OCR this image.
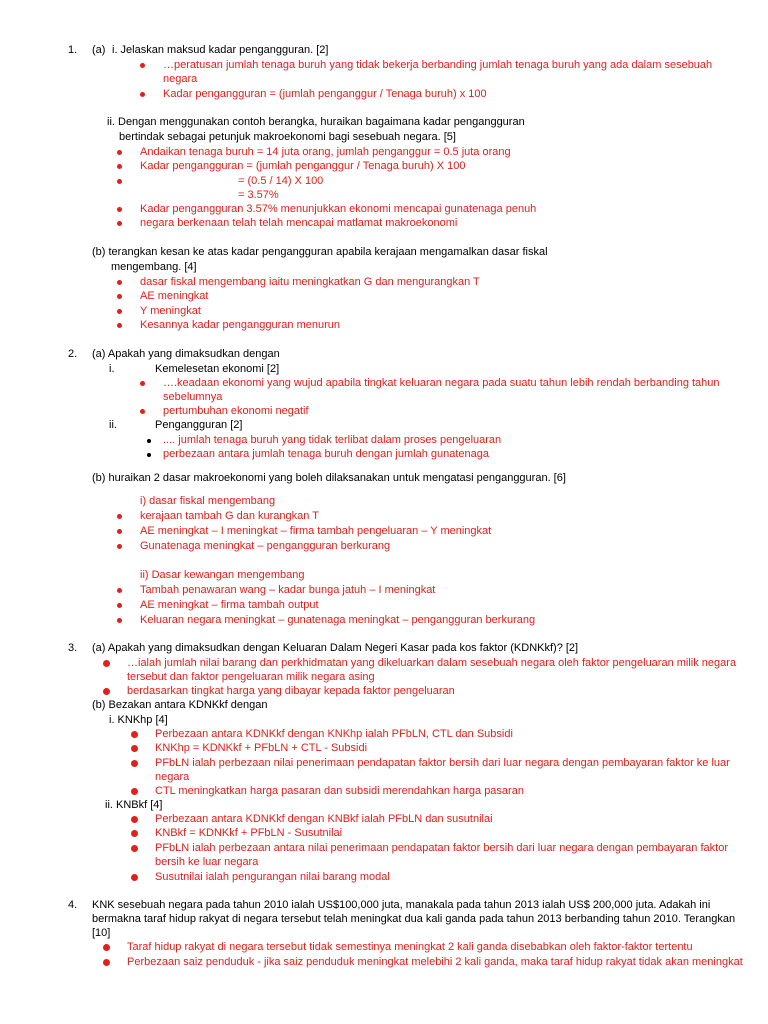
1. (a) i. Jelaskan maksud kadar pengangguran. [2]
…peratusan jumlah tenaga buruh yang tidak bekerja berbanding jumlah tenaga buruh yang ada dalam sesebuah
negara
Kadar pengangguran = (jumlah penganggur / Tenaga buruh) x 100
ii. Dengan menggunakan contoh berangka, huraikan bagaimana kadar pengangguran
bertindak sebagai petunjuk makroekonomi bagi sesebuah negara. [5]
Andaikan tenaga buruh = 14 juta orang, jumlah penganggur = 0.5 juta orang
Kadar pengangguran = (jumlah penganggur / Tenaga buruh) X 100
= (0.5 / 14) X 100
= 3.57%
Kadar pengangguran 3.57% menunjukkan ekonomi mencapai gunatenaga penuh
negara berkenaan telah telah mencapai matlamat makroekonomi
(b) terangkan kesan ke atas kadar pengangguran apabila kerajaan mengamalkan dasar fiskal
mengembang. [4]
dasar fiskal mengembang iaitu meningkatkan G dan mengurangkan T
AE meningkat
Y meningkat
Kesannya kadar pengangguran menurun
2. (a) Apakah yang dimaksudkan dengan
i.	Kemelesetan ekonomi [2]
….keadaan ekonomi yang wujud apabila tingkat keluaran negara pada suatu tahun lebih rendah berbanding tahun
sebelumnya
pertumbuhan ekonomi negatif
ii.	Pengangguran [2]
.... jumlah tenaga buruh yang tidak terlibat dalam proses pengeluaran
perbezaan antara jumlah tenaga buruh dengan jumlah gunatenaga
(b) huraikan 2 dasar makroekonomi yang boleh dilaksanakan untuk mengatasi pengangguran. [6]
i) dasar fiskal mengembang
kerajaan tambah G dan kurangkan T
AE meningkat – I meningkat – firma tambah pengeluaran – Y meningkat
Gunatenaga meningkat – pengangguran berkurang
ii) Dasar kewangan mengembang
Tambah penawaran wang – kadar bunga jatuh – I meningkat
AE meningkat – firma tambah output
Keluaran negara meningkat – gunatenaga meningkat – pengangguran berkurang
3. (a) Apakah yang dimaksudkan dengan Keluaran Dalam Negeri Kasar pada kos faktor (KDNKkf)? [2]
…ialah jumlah nilai barang dan perkhidmatan yang dikeluarkan dalam sesebuah negara oleh faktor pengeluaran milik negara
tersebut dan faktor pengeluaran milik negara asing
berdasarkan tingkat harga yang dibayar kepada faktor pengeluaran
(b) Bezakan antara KDNKkf dengan
i. KNKhp [4]
Perbezaan antara KDNKkf dengan KNKhp ialah PFbLN, CTL dan Subsidi
KNKhp = KDNKkf + PFbLN + CTL - Subsidi
PFbLN ialah perbezaan nilai penerimaan pendapatan faktor bersih dari luar negara dengan pembayaran faktor ke luar
negara
CTL meningkatkan harga pasaran dan subsidi merendahkan harga pasaran
ii. KNBkf [4]
Perbezaan antara KDNKkf dengan KNBkf ialah PFbLN dan susutnilai
KNBkf = KDNKkf + PFbLN - Susutnilai
PFbLN ialah perbezaan antara nilai penerimaan pendapatan faktor bersih dari luar negara dengan pembayaran faktor
bersih ke luar negara
Susutnilai ialah pengurangan nilai barang modal
4. KNK sesebuah negara pada tahun 2010 ialah US$100,000 juta, manakala pada tahun 2013 ialah US$ 200,000 juta. Adakah ini
bermakna taraf hidup rakyat di negara tersebut telah meningkat dua kali ganda pada tahun 2013 berbanding tahun 2010. Terangkan
[10]
Taraf hidup rakyat di negara tersebut tidak semestinya meningkat 2 kali ganda disebabkan oleh faktor-faktor tertentu
Perbezaan saiz penduduk - jika saiz penduduk meningkat melebihi 2 kali ganda, maka taraf hidup rakyat tidak akan meningkat
